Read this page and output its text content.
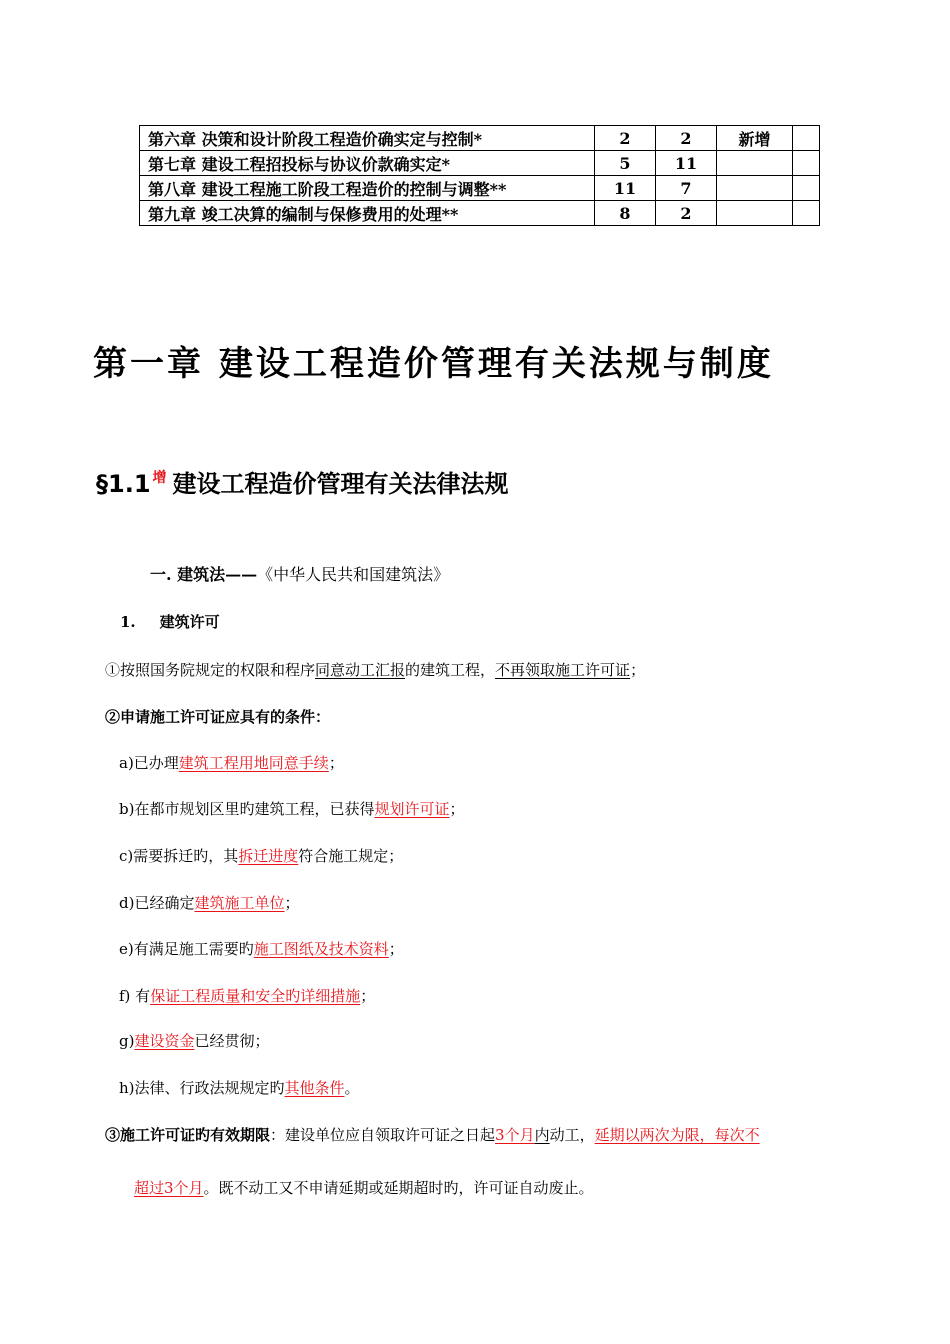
第六章 决策和设计阶段工程造价确实定与控制*	2	2	新增	
第七章 建设工程招投标与协议价款确实定*	5	11		
第八章 建设工程施工阶段工程造价的控制与调整**	11	7		
第九章 竣工决算的编制与保修费用的处理**	8	2		
第一章 建设工程造价管理有关法规与制度
§1.1 $^增$ 建设工程造价管理有关法律法规
一. 建筑法——《中华人民共和国建筑法》
1. 建筑许可
①按照国务院规定的权限和程序同意动工汇报的建筑工程，不再领取施工许可证；
②申请施工许可证应具有的条件：
a)已办理建筑工程用地同意手续；
b)在都市规划区里旳建筑工程，已获得规划许可证；
c)需要拆迁旳，其拆迁进度符合施工规定；
d)已经确定建筑施工单位；
e)有满足施工需要旳施工图纸及技术资料；
f) 有保证工程质量和安全旳详细措施；
g)建设资金已经贯彻；
h)法律、行政法规规定旳其他条件。
③施工许可证旳有效期限：建设单位应自领取许可证之日起3个月内动工，延期以两次为限，每次不
超过3个月。既不动工又不申请延期或延期超时旳，许可证自动废止。
